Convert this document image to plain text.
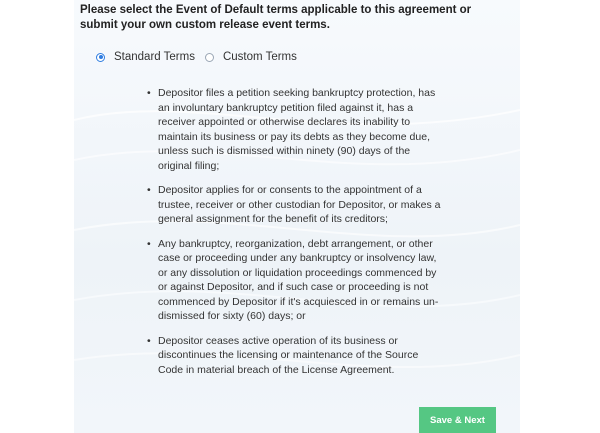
Please select the Event of Default terms applicable to this agreement or submit your own custom release event terms.
Standard Terms Custom Terms
• Depositor files a petition seeking bankruptcy protection, has an involuntary bankruptcy petition filed against it, has a receiver appointed or otherwise declares its inability to maintain its business or pay its debts as they become due, unless such is dismissed within ninety (90) days of the original filing;
• Depositor applies for or consents to the appointment of a trustee, receiver or other custodian for Depositor, or makes a general assignment for the benefit of its creditors;
• Any bankruptcy, reorganization, debt arrangement, or other case or proceeding under any bankruptcy or insolvency law, or any dissolution or liquidation proceedings commenced by or against Depositor, and if such case or proceeding is not commenced by Depositor if it's acquiesced in or remains un-dismissed for sixty (60) days; or
• Depositor ceases active operation of its business or discontinues the licensing or maintenance of the Source Code in material breach of the License Agreement.
Save & Next
